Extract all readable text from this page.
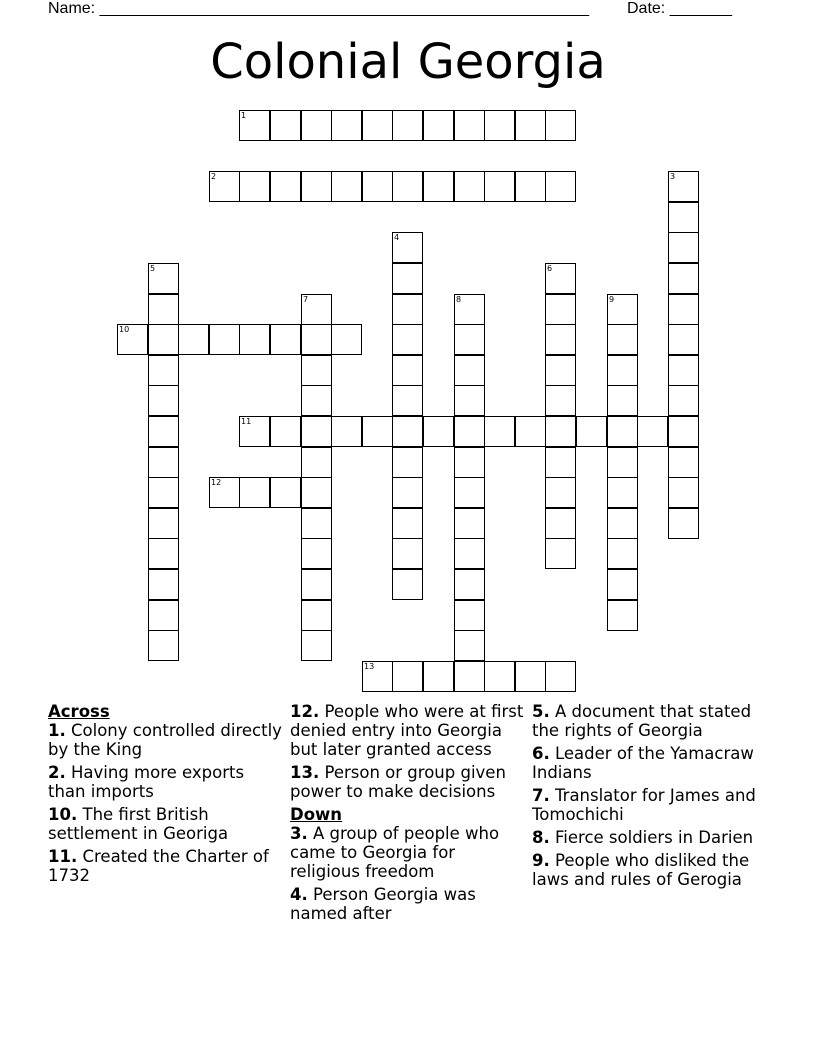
Name: _______________________________________________________ Date: _______
Colonial Georgia
1
2	3
4
5	6
7	8	9
10
11
12
13
Across

1. Colony controlled directly by the King

2. Having more exports than imports

10. The first British settlement in Georiga

11. Created the Charter of 1732

12. People who were at first denied entry into Georgia but later granted access

13. Person or group given power to make decisions

Down

3. A group of people who came to Georgia for religious freedom

4. Person Georgia was named after

5. A document that stated the rights of Georgia

6. Leader of the Yamacraw Indians

7. Translator for James and Tomochichi

8. Fierce soldiers in Darien

9. People who disliked the laws and rules of Gerogia
